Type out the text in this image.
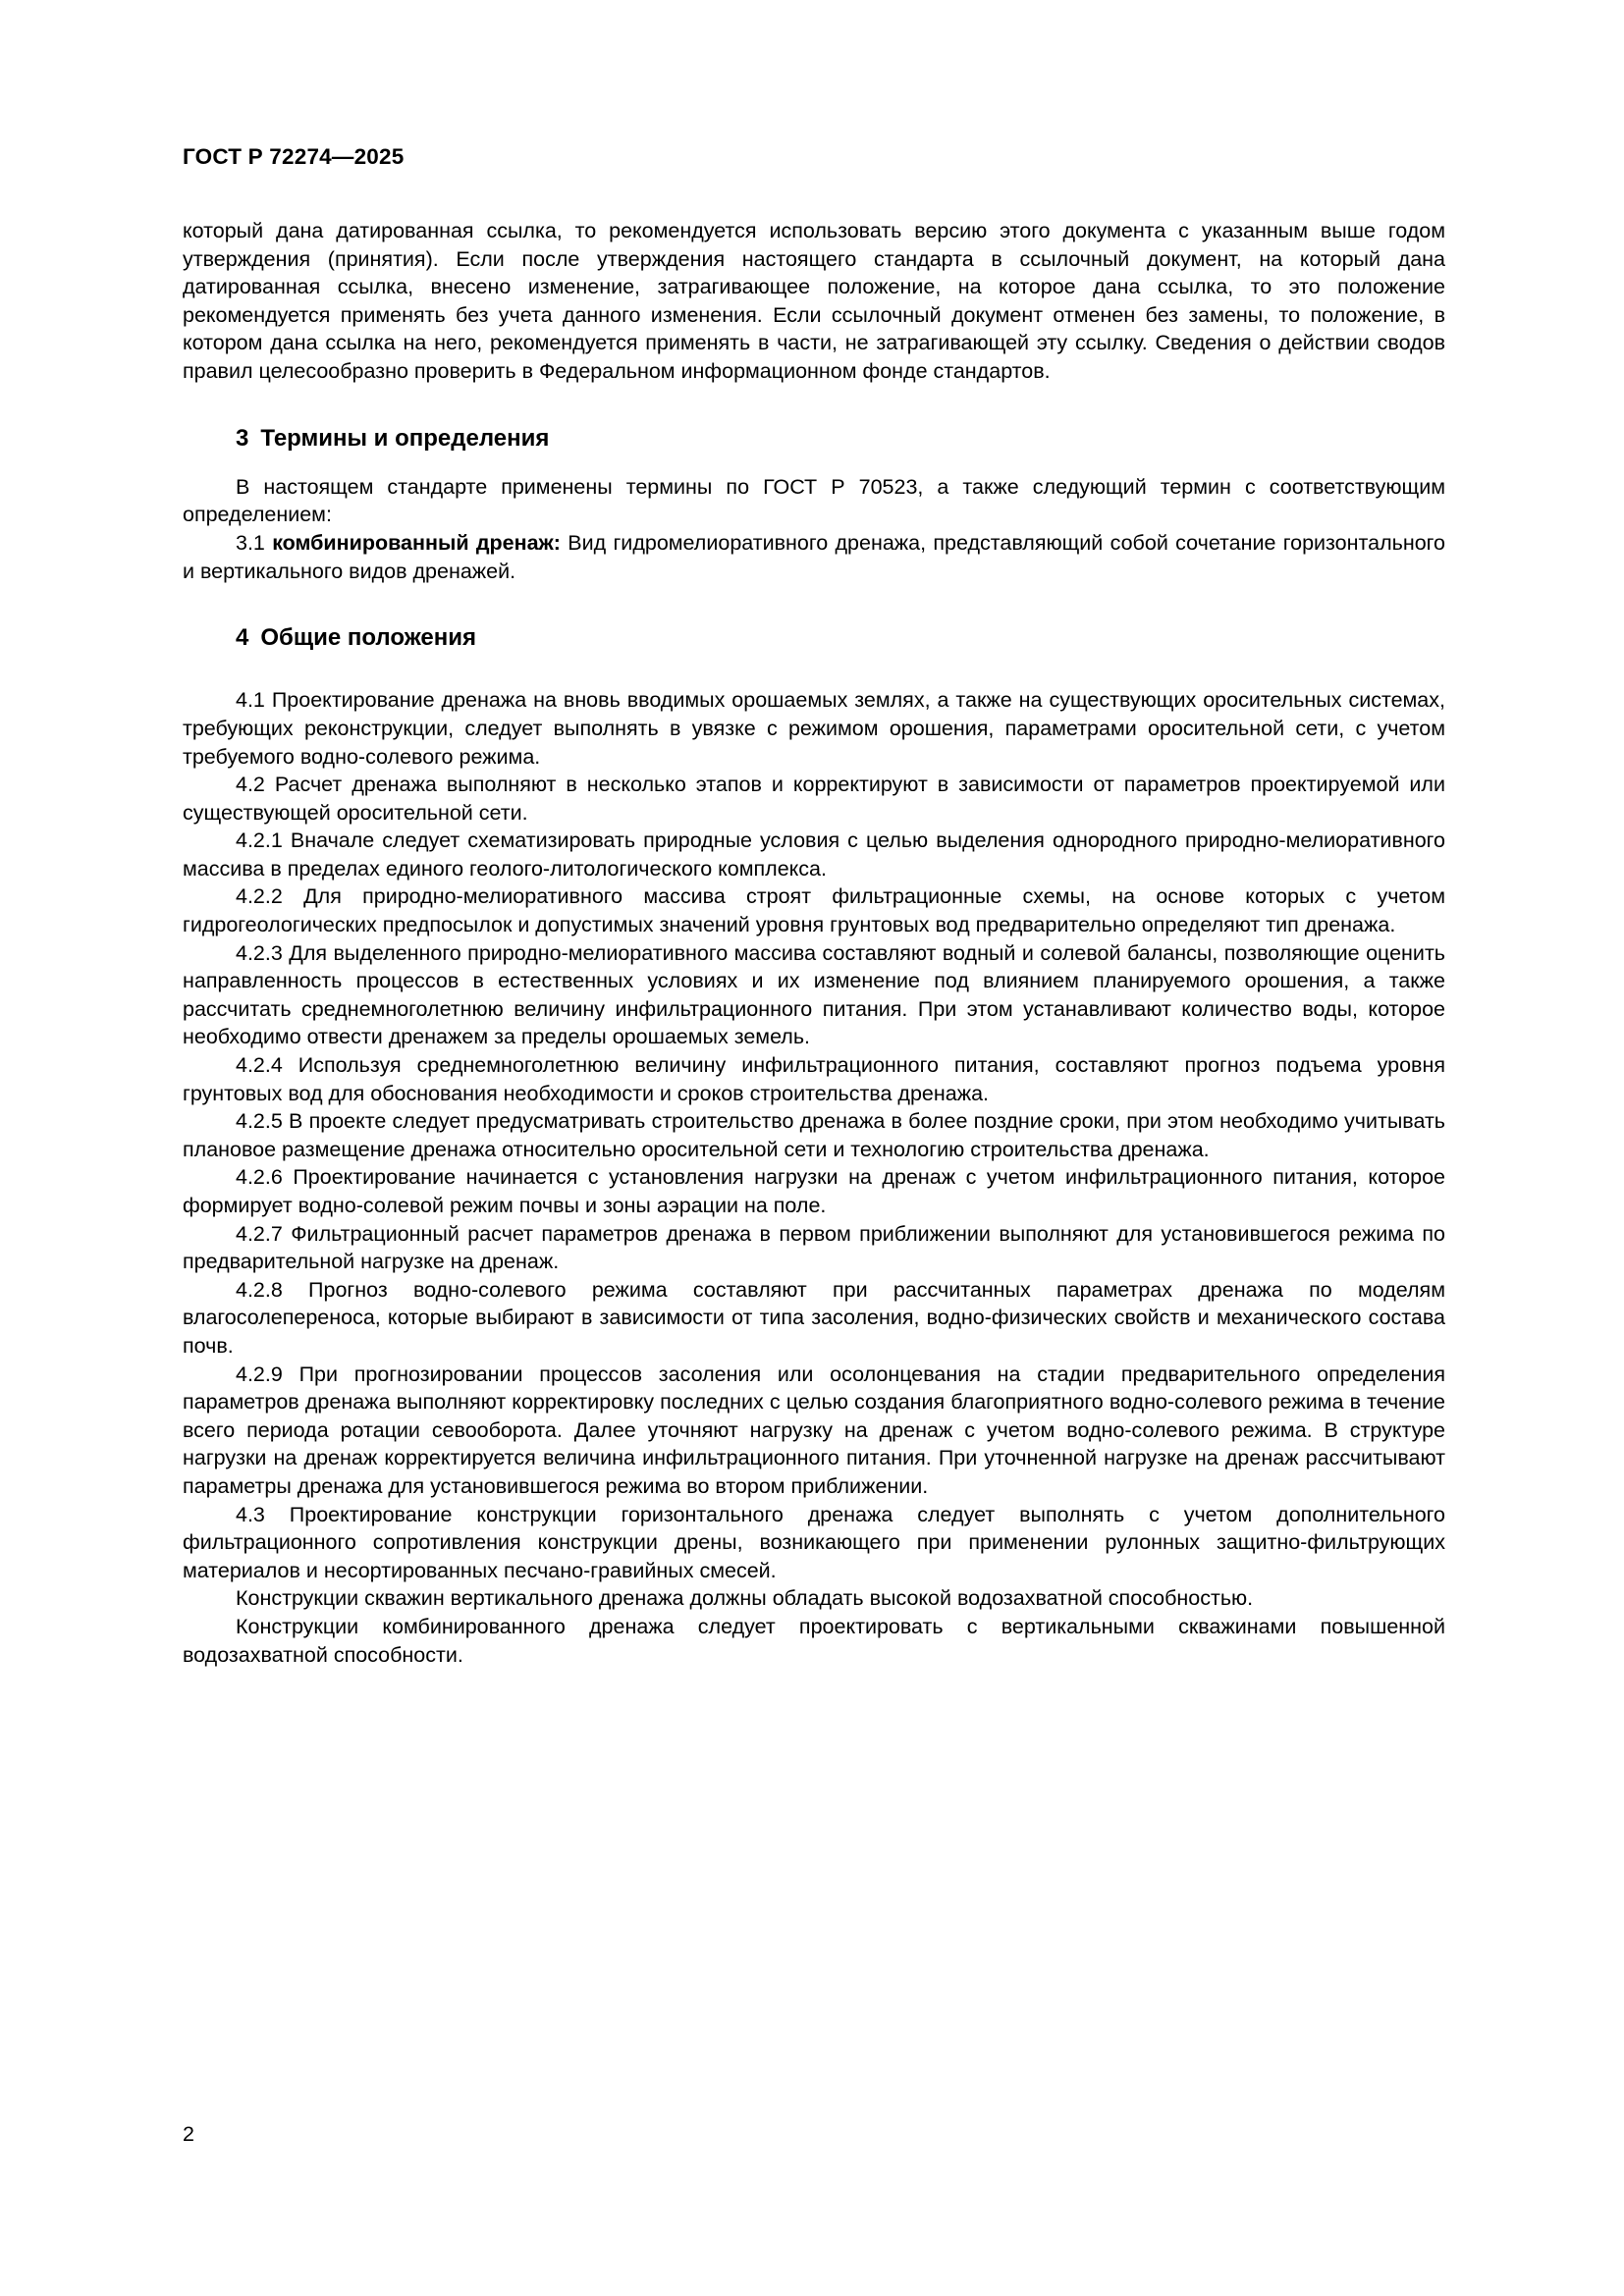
ГОСТ Р 72274—2025

который дана датированная ссылка, то рекомендуется использовать версию этого документа с указанным выше годом утверждения (принятия). Если после утверждения настоящего стандарта в ссылочный документ, на который дана датированная ссылка, внесено изменение, затрагивающее положение, на которое дана ссылка, то это положение рекомендуется применять без учета данного изменения. Если ссылочный документ отменен без замены, то положение, в котором дана ссылка на него, рекомендуется применять в части, не затрагивающей эту ссылку. Сведения о действии сводов правил целесообразно проверить в Федеральном информационном фонде стандартов.

3 Термины и определения

В настоящем стандарте применены термины по ГОСТ Р 70523, а также следующий термин с соответствующим определением:

3.1 комбинированный дренаж: Вид гидромелиоративного дренажа, представляющий собой сочетание горизонтального и вертикального видов дренажей.

4 Общие положения

4.1 Проектирование дренажа на вновь вводимых орошаемых землях, а также на существующих оросительных системах, требующих реконструкции, следует выполнять в увязке с режимом орошения, параметрами оросительной сети, с учетом требуемого водно-солевого режима.

4.2 Расчет дренажа выполняют в несколько этапов и корректируют в зависимости от параметров проектируемой или существующей оросительной сети.

4.2.1 Вначале следует схематизировать природные условия с целью выделения однородного природно-мелиоративного массива в пределах единого геолого-литологического комплекса.

4.2.2 Для природно-мелиоративного массива строят фильтрационные схемы, на основе которых с учетом гидрогеологических предпосылок и допустимых значений уровня грунтовых вод предварительно определяют тип дренажа.

4.2.3 Для выделенного природно-мелиоративного массива составляют водный и солевой балансы, позволяющие оценить направленность процессов в естественных условиях и их изменение под влиянием планируемого орошения, а также рассчитать среднемноголетнюю величину инфильтрационного питания. При этом устанавливают количество воды, которое необходимо отвести дренажем за пределы орошаемых земель.

4.2.4 Используя среднемноголетнюю величину инфильтрационного питания, составляют прогноз подъема уровня грунтовых вод для обоснования необходимости и сроков строительства дренажа.

4.2.5 В проекте следует предусматривать строительство дренажа в более поздние сроки, при этом необходимо учитывать плановое размещение дренажа относительно оросительной сети и технологию строительства дренажа.

4.2.6 Проектирование начинается с установления нагрузки на дренаж с учетом инфильтрационного питания, которое формирует водно-солевой режим почвы и зоны аэрации на поле.

4.2.7 Фильтрационный расчет параметров дренажа в первом приближении выполняют для установившегося режима по предварительной нагрузке на дренаж.

4.2.8 Прогноз водно-солевого режима составляют при рассчитанных параметрах дренажа по моделям влагосолепереноса, которые выбирают в зависимости от типа засоления, водно-физических свойств и механического состава почв.

4.2.9 При прогнозировании процессов засоления или осолонцевания на стадии предварительного определения параметров дренажа выполняют корректировку последних с целью создания благоприятного водно-солевого режима в течение всего периода ротации севооборота. Далее уточняют нагрузку на дренаж с учетом водно-солевого режима. В структуре нагрузки на дренаж корректируется величина инфильтрационного питания. При уточненной нагрузке на дренаж рассчитывают параметры дренажа для установившегося режима во втором приближении.

4.3 Проектирование конструкции горизонтального дренажа следует выполнять с учетом дополнительного фильтрационного сопротивления конструкции дрены, возникающего при применении рулонных защитно-фильтрующих материалов и несортированных песчано-гравийных смесей.

Конструкции скважин вертикального дренажа должны обладать высокой водозахватной способностью.

Конструкции комбинированного дренажа следует проектировать с вертикальными скважинами повышенной водозахватной способности.

2
